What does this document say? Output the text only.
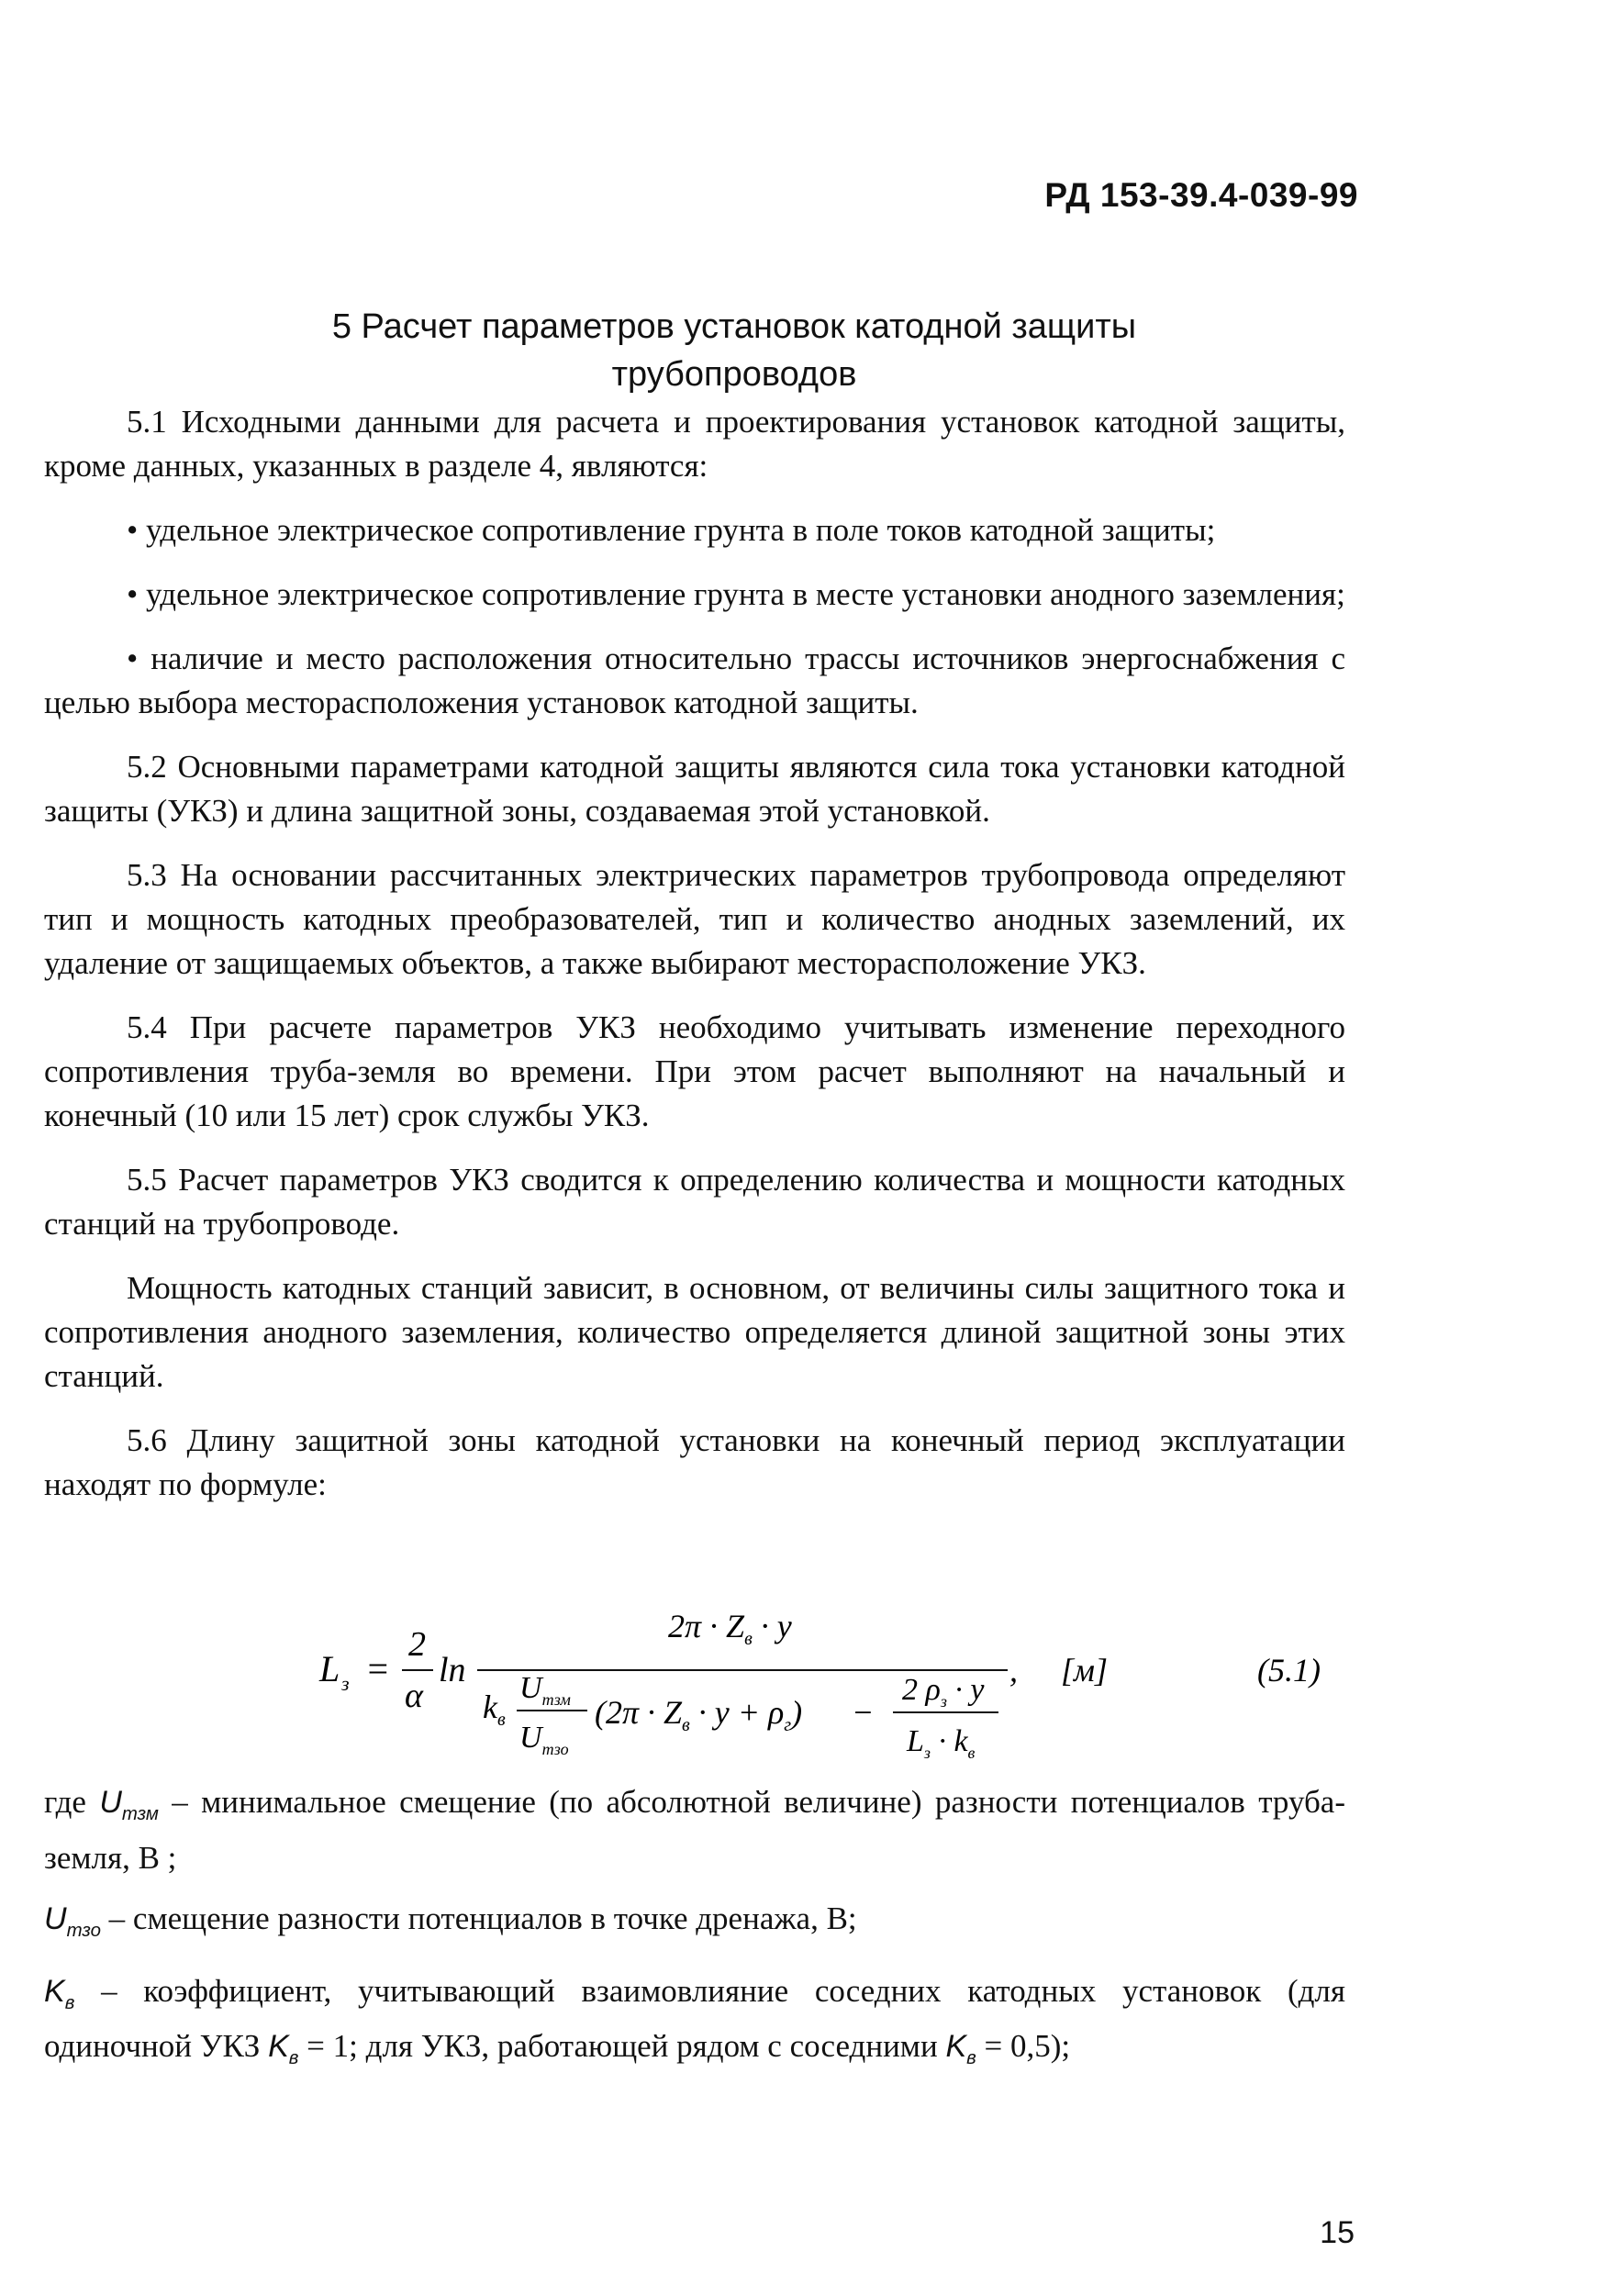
РД 153-39.4-039-99
5 Расчет параметров установок катодной защиты
трубопроводов

5.1 Исходными данными для расчета и проектирования установок катодной защиты, кроме данных, указанных в разделе 4, являются:

• удельное электрическое сопротивление грунта в поле токов катодной защиты;

• удельное электрическое сопротивление грунта в месте установки анодного заземления;

• наличие и место расположения относительно трассы источников энергоснабжения с целью выбора месторасположения установок катодной защиты.

5.2 Основными параметрами катодной защиты являются сила тока установки катодной защиты (УКЗ) и длина защитной зоны, создаваемая этой установкой.

5.3 На основании рассчитанных электрических параметров трубопровода определяют тип и мощность катодных преобразователей, тип и количество анодных заземлений, их удаление от защищаемых объектов, а также выбирают месторасположение УКЗ.

5.4 При расчете параметров УКЗ необходимо учитывать изменение переходного сопротивления труба-земля во времени. При этом расчет выполняют на начальный и конечный (10 или 15 лет) срок службы УКЗ.

5.5 Расчет параметров УКЗ сводится к определению количества и мощности катодных станций на трубопроводе.

Мощность катодных станций зависит, в основном, от величины силы защитного тока и сопротивления анодного заземления, количество определяется длиной защитной зоны этих станций.

5.6 Длину защитной зоны катодной установки на конечный период эксплуатации находят по формуле:

L з =
2
α
ln
$2\pi \cdot Z_в \cdot y$
$k_в$
$U_{тзм}$
$U_{тзо}$
$(2\pi \cdot Z_в \cdot y + \rho_г)$ −
2 $\rho_з \cdot y$
$L_з \cdot k_в$
, [м]	(5.1)
где $U_{тзм}$ – минимальное смещение (по абсолютной величине) разности потенциалов труба-земля, В ;
$U_{тзо}$ – смещение разности потенциалов в точке дренажа, В;
$K_в$ – коэффициент, учитывающий взаимовлияние соседних катодных установок (для одиночной УКЗ $K_в = 1$; для УКЗ, работающей рядом с соседними $K_в = 0,5$);
15
